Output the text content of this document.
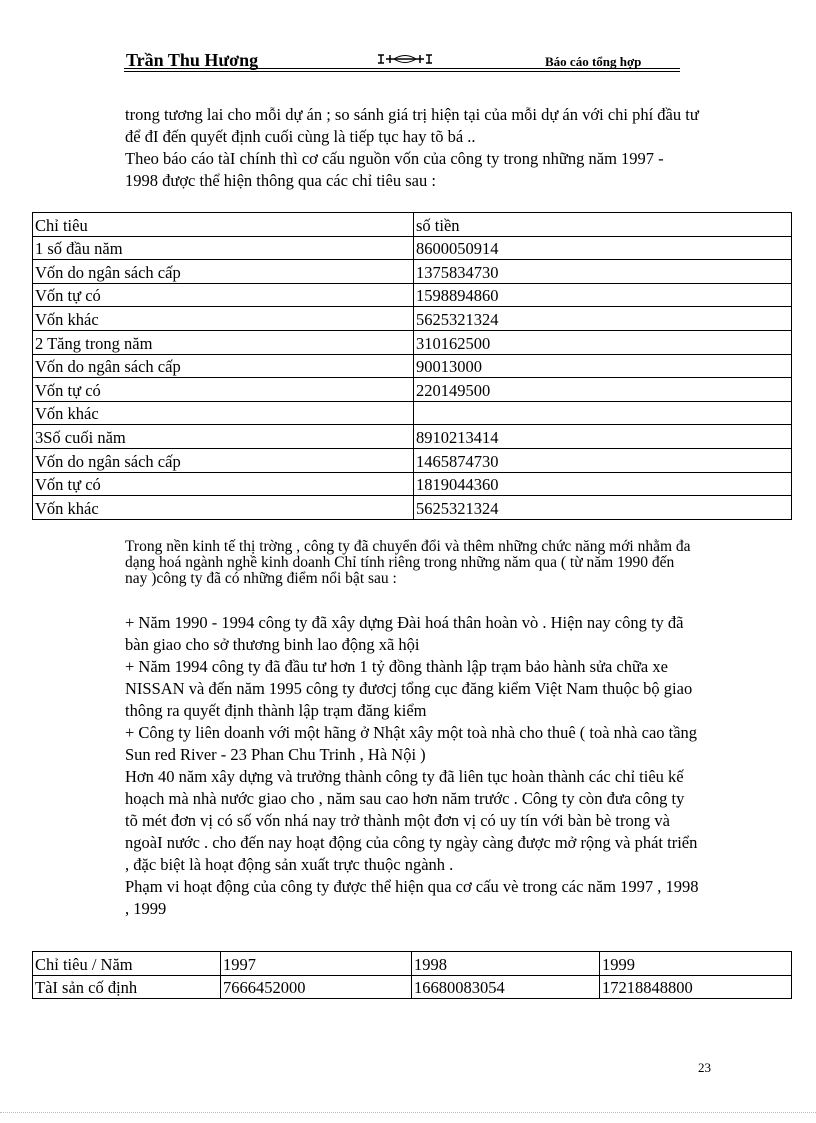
Trần Thu Hương	Báo cáo tổng hợp
trong tương lai cho mỗi dự án ; so sánh giá trị hiện tại của mỗi dự án với chi phí đầu tư để đI đến quyết định cuối cùng là tiếp tục hay tõ bá ..
Theo báo cáo tàI chính thì cơ cấu nguồn vốn của công ty trong những năm 1997 - 1998 được thể hiện thông qua các chỉ tiêu sau :
Chỉ tiêu	số tiền
1 số đầu năm	8600050914
Vốn do ngân sách cấp	1375834730
Vốn tự có	1598894860
Vốn khác	5625321324
2 Tăng trong năm	310162500
Vốn do ngân sách cấp	90013000
Vốn tự có	220149500
Vốn khác	
3Số cuối năm	8910213414
Vốn do ngân sách cấp	1465874730
Vốn tự có	1819044360
Vốn khác	5625321324
Trong nền kinh tế thị trờng , công ty đã chuyển đổi và thêm những chức năng mới nhằm đa dạng hoá ngành nghề kinh doanh Chỉ tính riêng trong những năm qua ( từ năm 1990 đến nay )công ty đã có những điểm nổi bật sau :
+ Năm 1990 - 1994 công ty đã xây dựng Đài hoá thân hoàn vò . Hiện nay công ty đã bàn giao cho sở thương binh lao động xã hội
+ Năm 1994 công ty đã đầu tư hơn 1 tỷ đồng thành lập trạm bảo hành sửa chữa xe NISSAN và đến năm 1995 công ty đươcj tổng cục đăng kiểm Việt Nam thuộc bộ giao thông ra quyết định thành lập trạm đăng kiểm
+ Công ty liên doanh với một hãng ở Nhật xây một toà nhà cho thuê ( toà nhà cao tầng Sun red River - 23 Phan Chu Trinh , Hà Nội )
Hơn 40 năm xây dựng và trưởng thành công ty đã liên tục hoàn thành các chỉ tiêu kế hoạch mà nhà nước giao cho , năm sau cao hơn năm trước . Công ty còn đưa công ty tõ mét đơn vị có số vốn nhá nay trở thành một đơn vị có uy tín với bàn bè trong và ngoàI nước . cho đến nay hoạt động của công ty ngày càng được mở rộng và phát triển , đặc biệt là hoạt động sản xuất trực thuộc ngành .
Phạm vi hoạt động của công ty được thể hiện qua cơ cấu vè trong các năm 1997 , 1998 , 1999
Chỉ tiêu / Năm	1997	1998	1999
TàI sản cố định	7666452000	16680083054	17218848800
23
